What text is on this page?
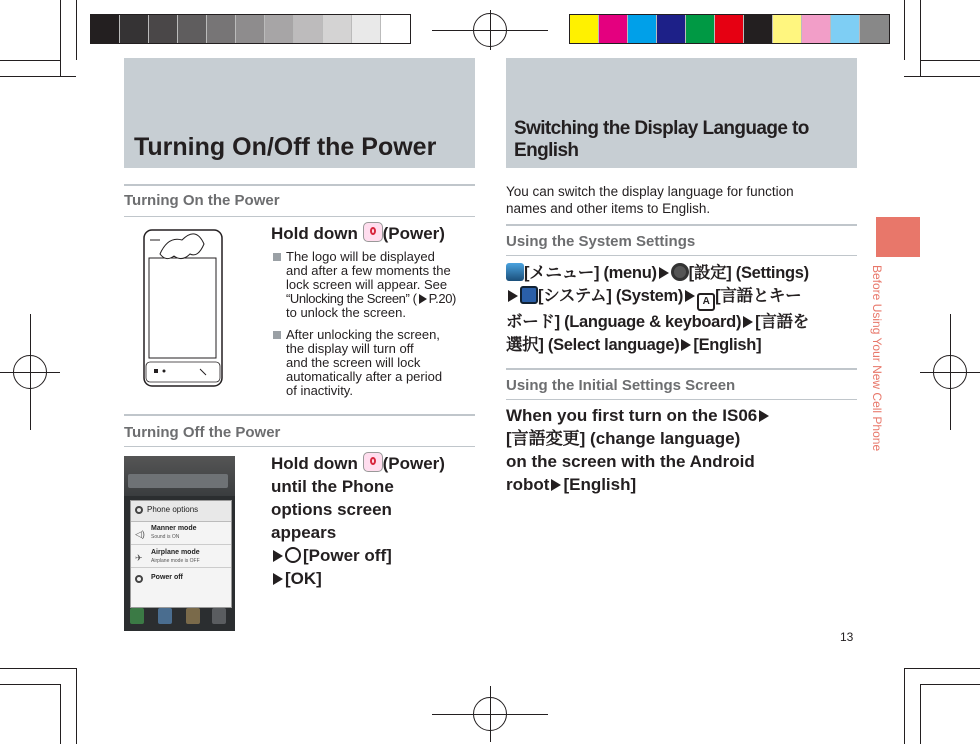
Turning On/Off the Power
Turning On the Power
Hold down (Power)
The logo will be displayed
and after a few moments the
lock screen will appear. See
“Unlocking the Screen” ( P.20)
to unlock the screen.
After unlocking the screen,
the display will turn off
and the screen will lock
automatically after a period
of inactivity.
Turning Off the Power
Phone options
◁)
Manner mode
Sound is ON
✈
Airplane mode
Airplane mode is OFF
Power off
Hold down (Power)
until the Phone
options screen
appears
[Power off]
[OK]
Switching the Display Language to English
You can switch the display language for function
names and other items to English.
Using the System Settings
[メニュー] (menu) [設定] (Settings)
[システム] (System) A [言語とキー
ボード] (Language & keyboard) [言語を
選択] (Select language) [English]
Using the Initial Settings Screen
When you first turn on the IS06
[言語変更] (change language)
on the screen with the Android
robot [English]
Before Using Your New Cell Phone
13
